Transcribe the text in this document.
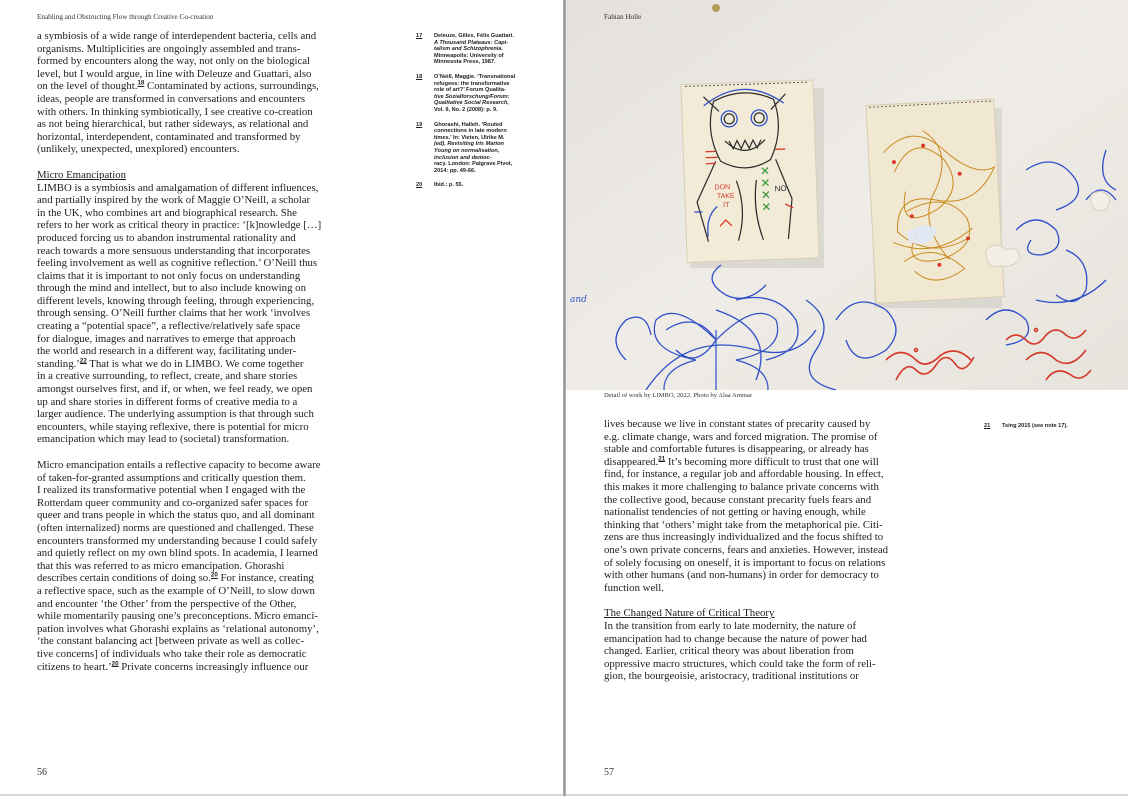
Enabling and Obstructing Flow through Creative Co-creation

a symbiosis of a wide range of interdependent bacteria, cells and
organisms. Multiplicities are ongoingly assembled and trans-
formed by encounters along the way, not only on the biological
level, but I would argue, in line with Deleuze and Guattari, also
on the level of thought.$^{18}$ Contaminated by actions, surroundings,
ideas, people are transformed in conversations and encounters
with others. In thinking symbiotically, I see creative co-creation
as not being hierarchical, but rather sideways, as relational and
horizontal, interdependent, contaminated and transformed by
(unlikely, unexpected, unexplored) encounters.

Micro Emancipation

LIMBO is a symbiosis and amalgamation of different influences,
and partially inspired by the work of Maggie O’Neill, a scholar
in the UK, who combines art and biographical research. She
refers to her work as critical theory in practice: ‘[k]nowledge […]
produced forcing us to abandon instrumental rationality and
reach towards a more sensuous understanding that incorporates
feeling involvement as well as cognitive reflection.’ O’Neill thus
claims that it is important to not only focus on understanding
through the mind and intellect, but to also include knowing on
different levels, knowing through feeling, through experiencing,
through sensing. O’Neill further claims that her work ‘involves
creating a “potential space”, a reflective/relatively safe space
for dialogue, images and narratives to emerge that approach
the world and research in a different way, facilitating under-
standing.’$^{22}$ That is what we do in LIMBO. We come together
in a creative surrounding, to reflect, create, and share stories
amongst ourselves first, and if, or when, we feel ready, we open
up and share stories in different forms of creative media to a
larger audience. The underlying assumption is that through such
encounters, while staying reflexive, there is potential for micro
emancipation which may lead to (societal) transformation.

Micro emancipation entails a reflective capacity to become aware
of taken-for-granted assumptions and critically question them.
I realized its transformative potential when I engaged with the
Rotterdam queer community and co-organized safer spaces for
queer and trans people in which the status quo, and all dominant
(often internalized) norms are questioned and challenged. These
encounters transformed my understanding because I could safely
and quietly reflect on my own blind spots. In academia, I learned
that this was referred to as micro emancipation. Ghorashi
describes certain conditions of doing so.$^{20}$ For instance, creating
a reflective space, such as the example of O’Neill, to slow down
and encounter ‘the Other’ from the perspective of the Other,
while momentarily pausing one’s preconceptions. Micro emanci-
pation involves what Ghorashi explains as ‘relational autonomy’,
‘the constant balancing act [between private as well as collec-
tive concerns] of individuals who take their role as democratic
citizens to heart.’$^{20}$ Private concerns increasingly influence our

17 Deleuze, Gilles, Félix Guattari.
A Thousand Plateaus: Capi-
talism and Schizophrenia.
Minneapolis: University of
Minnesota Press, 1987.
18 O’Neill, Maggie. ‘Transnational
refugees: the transformative
role of art?’ Forum Qualita-
tive Sozialforschung/Forum:
Qualitative Social Research,
Vol. 9, No. 2 (2008): p. 9.
19 Ghorashi, Halleh. ‘Routed
connections in late modern
times.’ In: Vieten, Ulrike M.
(ed). Revisiting Iris Marion
Young on normalisation,
inclusion and democ-
racy. London: Palgrave Pivot,
2014: pp. 49-66.
20 Ibid.: p. 55.
56
DON
TAKE
IT
NO
and
Fabian Holle
Detail of work by LIMBO, 2022. Photo by Alaa Ammar

lives because we live in constant states of precarity caused by
e.g. climate change, wars and forced migration. The promise of
stable and comfortable futures is disappearing, or already has
disappeared.$^{21}$ It’s becoming more difficult to trust that one will
find, for instance, a regular job and affordable housing. In effect,
this makes it more challenging to balance private concerns with
the collective good, because constant precarity fuels fears and
nationalist tendencies of not getting or having enough, while
thinking that ‘others’ might take from the metaphorical pie. Citi-
zens are thus increasingly individualized and the focus shifted to
one’s own private concerns, fears and anxieties. However, instead
of solely focusing on oneself, it is important to focus on relations
with other humans (and non-humans) in order for democracy to
function well.

The Changed Nature of Critical Theory

In the transition from early to late modernity, the nature of
emancipation had to change because the nature of power had
changed. Earlier, critical theory was about liberation from
oppressive macro structures, which could take the form of reli-
gion, the bourgeoisie, aristocracy, traditional institutions or

21 Tsing 2015 (see note 17).
57
